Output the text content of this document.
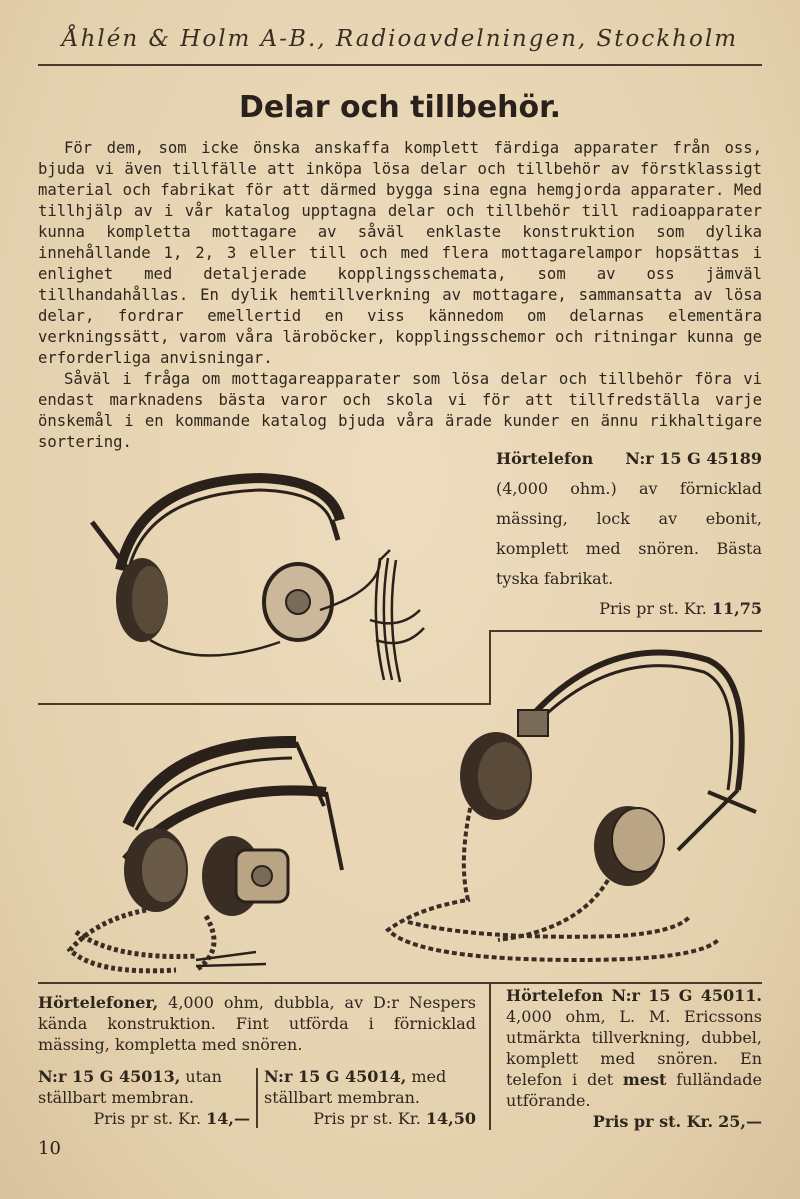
Åhlén & Holm A-B., Radioavdelningen, Stockholm
Delar och tillbehör.

För dem, som icke önska anskaffa komplett färdiga apparater från oss, bjuda vi även tillfälle att inköpa lösa delar och tillbehör av förstklassigt material och fabrikat för att därmed bygga sina egna hemgjorda apparater. Med tillhjälp av i vår katalog upptagna delar och tillbehör till radioapparater kunna kompletta mottagare av såväl enklaste konstruktion som dylika innehållande 1, 2, 3 eller till och med flera mottagarelampor hopsättas i enlighet med detaljerade kopplingsschemata, som av oss jämväl tillhandahållas. En dylik hemtillverkning av mottagare, sammansatta av lösa delar, fordrar emellertid en viss kännedom om delarnas elementära verkningssätt, varom våra läroböcker, kopplingsschemor och ritningar kunna ge erforderliga anvisningar.

Såväl i fråga om mottagareapparater som lösa delar och tillbehör föra vi endast marknadens bästa varor och skola vi för att tillfredställa varje önskemål i en kommande katalog bjuda våra ärade kunder en ännu rikhaltigare sortering.

Hörtelefon N:r 15 G 45189
(4,000 ohm.) av förnicklad mässing, lock av ebonit, komplett med snören. Bästa tyska fabrikat.
Pris pr st. Kr. 11,75
Hörtelefoner, 4,000 ohm, dubbla, av D:r Nespers kända konstruktion. Fint utförda i förnicklad mässing, kompletta med snören.
N:r 15 G 45013, utan ställbart membran.
Pris pr st. Kr. 14,—
N:r 15 G 45014, med ställbart membran.
Pris pr st. Kr. 14,50
Hörtelefon N:r 15 G 45011. 4,000 ohm, L. M. Ericssons utmärkta tillverkning, dubbel, komplett med snören. En telefon i det mest fulländade utförande.
Pris pr st. Kr. 25,—
10
